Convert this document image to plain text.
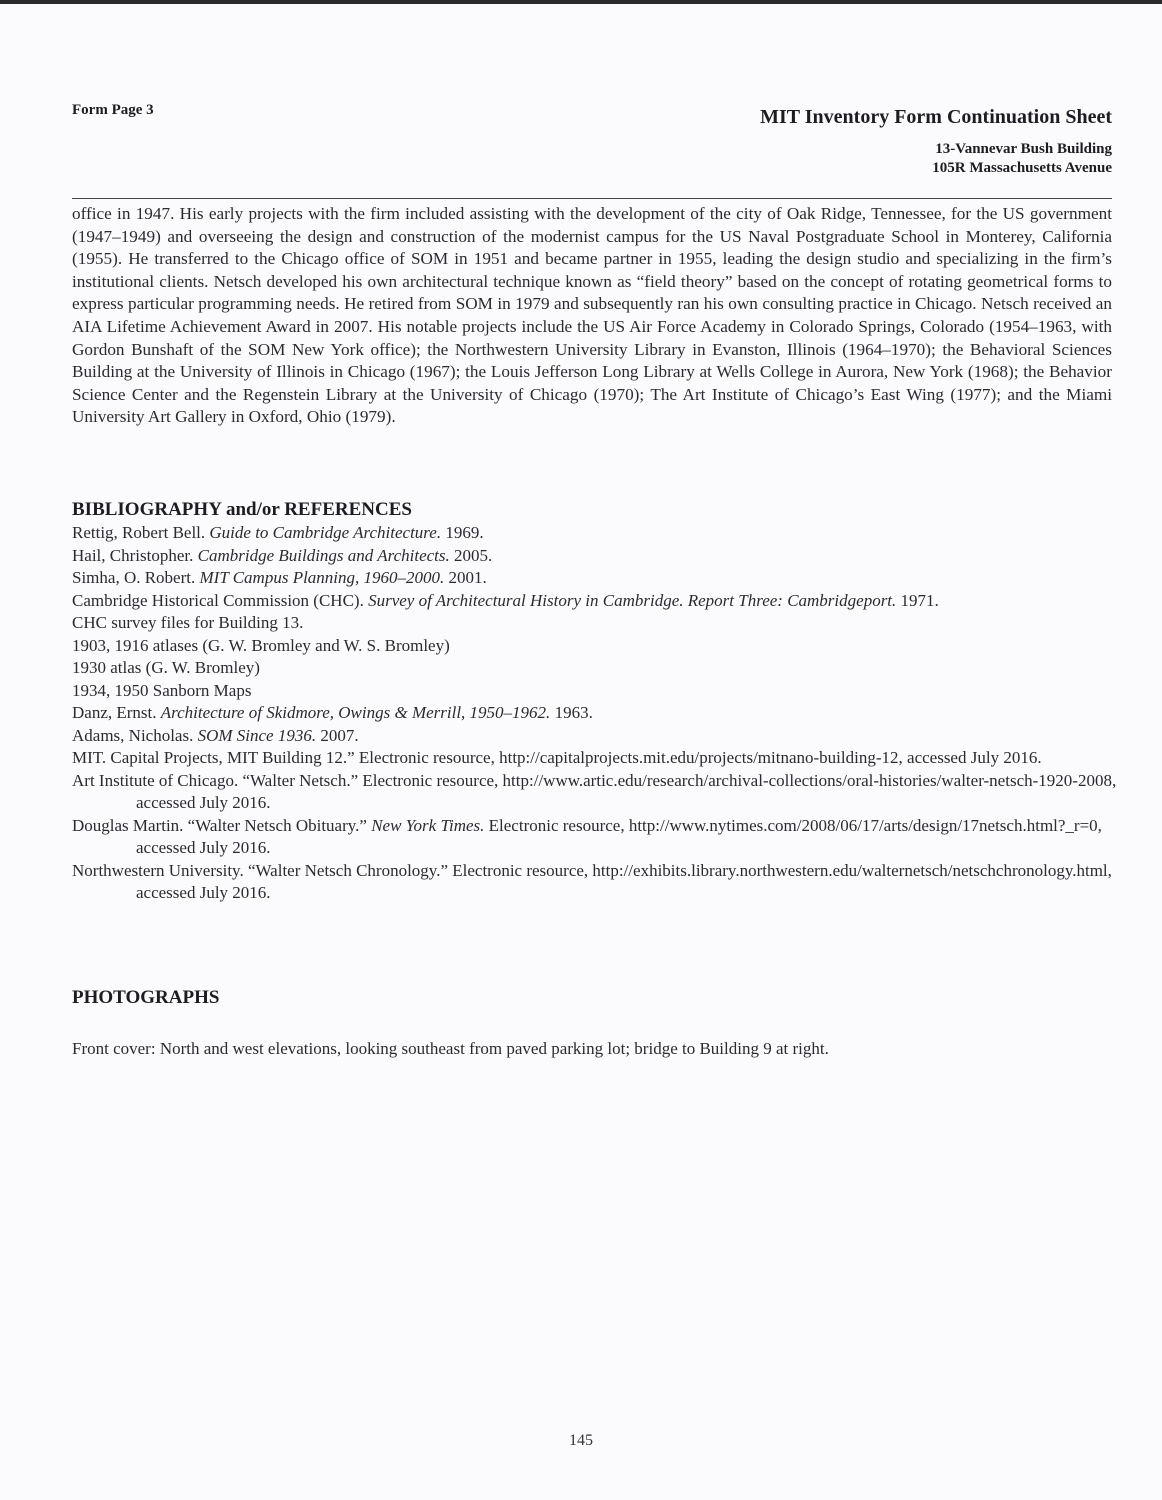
Form Page 3	MIT Inventory Form Continuation Sheet
13-Vannevar Bush Building
105R Massachusetts Avenue

office in 1947. His early projects with the firm included assisting with the development of the city of Oak Ridge, Tennessee, for the US government (1947–1949) and overseeing the design and construction of the modernist campus for the US Naval Postgraduate School in Monterey, California (1955). He transferred to the Chicago office of SOM in 1951 and became partner in 1955, leading the design studio and specializing in the firm’s institutional clients. Netsch developed his own architectural technique known as “field theory” based on the concept of rotating geometrical forms to express particular programming needs. He retired from SOM in 1979 and subsequently ran his own consulting practice in Chicago. Netsch received an AIA Lifetime Achievement Award in 2007. His notable projects include the US Air Force Academy in Colorado Springs, Colorado (1954–1963, with Gordon Bunshaft of the SOM New York office); the Northwestern University Library in Evanston, Illinois (1964–1970); the Behavioral Sciences Building at the University of Illinois in Chicago (1967); the Louis Jefferson Long Library at Wells College in Aurora, New York (1968); the Behavior Science Center and the Regenstein Library at the University of Chicago (1970); The Art Institute of Chicago’s East Wing (1977); and the Miami University Art Gallery in Oxford, Ohio (1979).

BIBLIOGRAPHY and/or REFERENCES
Rettig, Robert Bell. Guide to Cambridge Architecture. 1969.
Hail, Christopher. Cambridge Buildings and Architects. 2005.
Simha, O. Robert. MIT Campus Planning, 1960–2000. 2001.
Cambridge Historical Commission (CHC). Survey of Architectural History in Cambridge. Report Three: Cambridgeport. 1971.
CHC survey files for Building 13.
1903, 1916 atlases (G. W. Bromley and W. S. Bromley)
1930 atlas (G. W. Bromley)
1934, 1950 Sanborn Maps
Danz, Ernst. Architecture of Skidmore, Owings & Merrill, 1950–1962. 1963.
Adams, Nicholas. SOM Since 1936. 2007.
MIT. Capital Projects, MIT Building 12.” Electronic resource, http://capitalprojects.mit.edu/projects/mitnano-building-12, accessed July 2016.
Art Institute of Chicago. “Walter Netsch.” Electronic resource, http://www.artic.edu/research/archival-collections/oral-histories/walter-netsch-1920-2008, accessed July 2016.
Douglas Martin. “Walter Netsch Obituary.” New York Times. Electronic resource, http://www.nytimes.com/2008/06/17/arts/design/17netsch.html?_r=0, accessed July 2016.
Northwestern University. “Walter Netsch Chronology.” Electronic resource, http://exhibits.library.northwestern.edu/walternetsch/netschchronology.html, accessed July 2016.
PHOTOGRAPHS

Front cover: North and west elevations, looking southeast from paved parking lot; bridge to Building 9 at right.

145
